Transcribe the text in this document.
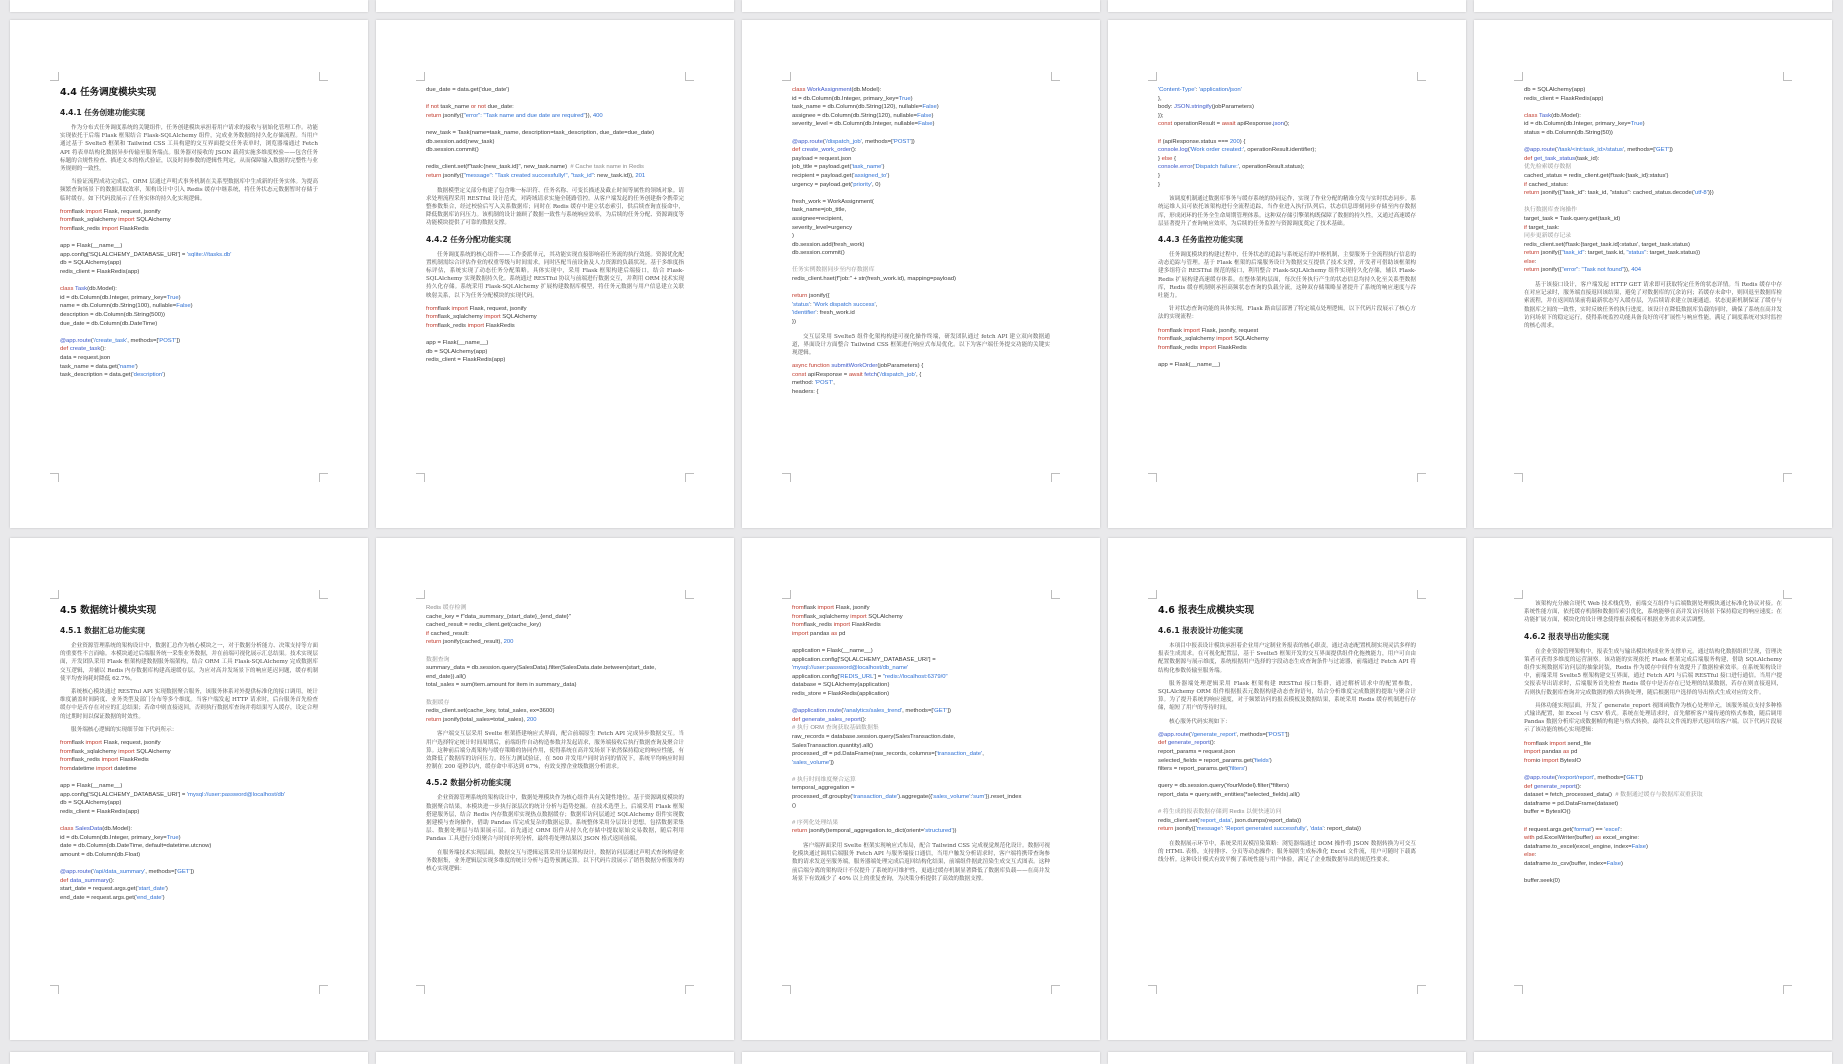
4.4 任务调度模块实现
4.4.1 任务创建功能实现
作为分布式任务调度系统的关键组件，任务创建模块承担着用户请求的接收与初始化管理工作。功能实现依托于后端 Flask 框架结合 Flask-SQLAlchemy 组件，完成业务数据的持久化存储流程。当用户通过基于 Svelte5 框架和 Tailwind CSS 工具构建的交互界面提交任务表单时，浏览器端通过 Fetch API 将表单结构化数据异步传输至服务端点。服务器对接收的 JSON 载荷实施多维度校验——包含任务标题的合规性检查、描述文本的格式验证，以及时间参数的逻辑性判定，从而保障输入数据的完整性与业务规则的一致性。
当验证流程成功完成后，ORM 层通过声明式事务机制在关系型数据库中生成新的任务实体。为提高频繁查询场景下的数据读取效率，架构设计中引入 Redis 缓存中继系统，将任务状态元数据暂时存储于临时缓存。如下代码段展示了任务实体的持久化实现逻辑。
fromflask import Flask, request, jsonify
fromflask_sqlalchemy import SQLAlchemy
fromflask_redis import FlaskRedis
app = Flask(__name__)
app.config['SQLALCHEMY_DATABASE_URI'] = 'sqlite:///tasks.db'
db = SQLAlchemy(app)
redis_client = FlaskRedis(app)
class Task(db.Model):
id = db.Column(db.Integer, primary_key=True)
name = db.Column(db.String(100), nullable=False)
description = db.Column(db.String(500))
due_date = db.Column(db.DateTime)
@app.route('/create_task', methods=['POST'])
def create_task():
data = request.json
task_name = data.get('name')
task_description = data.get('description')
due_date = data.get('due_date')
if not task_name or not due_date:
return jsonify({"error": "Task name and due date are required"}), 400
new_task = Task(name=task_name, description=task_description, due_date=due_date)
db.session.add(new_task)
db.session.commit()
redis_client.set(f"task:{new_task.id}", new_task.name)  # Cache task name in Redis
return jsonify({"message": "Task created successfully!", "task_id": new_task.id}), 201
数据模型定义部分构建了包含唯一标识符、任务名称、可变长描述及截止时间等属性的领域对象。请求处理流程采用 RESTful 设计范式，对跨域请求实施全链路管控。从客户端发起的任务创建指令携带完整参数集合，经过校验后写入关系数据库；同时在 Redis 缓存中建立状态索引，供后续查询直接命中，降低数据库访问压力。该机制的设计兼顾了数据一致性与系统响应效率，为后续的任务分配、资源调度等功能模块提供了可靠的数据支撑。
4.4.2 任务分配功能实现
任务调度系统的核心组件——工作委派单元，其功能实现直接影响着任务流的执行效能。资源优化配置机制需综合评估作业的权重等级与时间需求，同时匹配当前设备及人力资源的负载状况。基于多维度指标评估，系统实现了动态任务分配策略。具体实现中，采用 Flask 框架构建后端接口，结合 Flask-SQLAlchemy 实现数据持久化。系统通过 RESTful 协议与前端进行数据交互，并利用 ORM 技术实现持久化存储。系统采用 Flask-SQLAlchemy 扩展构建数据库模型，将任务元数据与用户信息建立关联映射关系，以下为任务分配模块的实现代码。
fromflask import Flask, request, jsonify
fromflask_sqlalchemy import SQLAlchemy
fromflask_redis import FlaskRedis
app = Flask(__name__)
db = SQLAlchemy(app)
redis_client = FlaskRedis(app)
class WorkAssignment(db.Model):
id = db.Column(db.Integer, primary_key=True)
task_name = db.Column(db.String(120), nullable=False)
assignee = db.Column(db.String(120), nullable=False)
severity_level = db.Column(db.Integer, nullable=False)
@app.route('/dispatch_job', methods=['POST'])
def create_work_order():
payload = request.json
job_title = payload.get('task_name')
recipient = payload.get('assigned_to')
urgency = payload.get('priority', 0)
fresh_work = WorkAssignment(
task_name=job_title,
assignee=recipient,
severity_level=urgency
)
db.session.add(fresh_work)
db.session.commit()
任务实例数据同步至内存数据库
redis_client.hset(f"job:" + str(fresh_work.id), mapping=payload)
return jsonify({
'status': 'Work dispatch success',
'identifier': fresh_work.id
})
交互层采用 Svelte5 组件化架构构建可视化操作终端，研发团队通过 fetch API 建立双向数据通道，界面设计方面整合 Tailwind CSS 框架进行响应式布局优化。以下为客户端任务提交功能的关键实现逻辑。
async function submitWorkOrder(jobParameters) {
const apiResponse = await fetch('/dispatch_job', {
method: 'POST',
headers: {
'Content-Type': 'application/json'
},
body: JSON.stringify(jobParameters)
});
const operationResult = await apiResponse.json();
if (apiResponse.status === 200) {
console.log('Work order created:', operationResult.identifier);
} else {
console.error('Dispatch failure:', operationResult.status);
}
}
该调度机制通过数据库事务与缓存系统的协同运作，实现了作业分配的精准分发与实时状态同步。系统运维人员可依托该架构进行全流程追踪，当作业进入执行队列后，状态信息即刻同步存储至内存数据库，形成闭环的任务全生命周期管理体系。这种双存储引擎架构既保障了数据的持久性，又通过高速缓存层显著提升了查询响应效率，为后续的任务监控与资源调度奠定了技术基础。
4.4.3 任务监控功能实现
任务调度模块的构建过程中，任务状态的追踪与系统运行的中枢机制，主要服务于全流程执行信息的动态追踪与管理。基于 Flask 框架的后端服务设计为数据交互提供了技术支撑，开发者可借助该框架构建多组符合 RESTful 规范的接口，利用整合 Flask-SQLAlchemy 组件实现持久化存储，辅以 Flask-Redis 扩展构建高速缓存体系。在整体架构层面，每次任务执行产生的状态信息均持久化至关系型数据库，Redis 缓存机制则承担高频状态查询的负载分流，这种双存储策略显著提升了系统的响应速度与吞吐能力。
针对状态查询功能的具体实现，Flask 路由层部署了特定端点处理逻辑，以下代码片段展示了核心方法的实现流程：
fromflask import Flask, jsonify, request
fromflask_sqlalchemy import SQLAlchemy
fromflask_redis import FlaskRedis
app = Flask(__name__)
db = SQLAlchemy(app)
redis_client = FlaskRedis(app)
class Task(db.Model):
id = db.Column(db.Integer, primary_key=True)
status = db.Column(db.String(50))
@app.route('/task/<int:task_id>/status', methods=['GET'])
def get_task_status(task_id):
优先检索缓存数据
cached_status = redis_client.get(f'task:{task_id}:status')
if cached_status:
return jsonify({"task_id": task_id, "status": cached_status.decode('utf-8')})
执行数据库查询操作
target_task = Task.query.get(task_id)
if target_task:
同步更新缓存记录
redis_client.set(f'task:{target_task.id}:status', target_task.status)
return jsonify({"task_id": target_task.id, "status": target_task.status})
else:
return jsonify({"error": "Task not found"}), 404
基于该接口设计，客户端发起 HTTP GET 请求即可获取特定任务的状态详情。当 Redis 缓存中存在对应记录时，服务端直接返回该结果，避免了对数据库的冗余访问；若缓存未命中，则回退至数据库检索流程，并在返回结果前将最新状态写入缓存层，为后续请求建立加速通道。状态更新机制保证了缓存与数据库之间的一致性，实时反映任务的执行进度。该设计在降低数据库负载的同时，确保了系统在高并发访问场景下的稳定运行，使得系统监控功能具备良好的可扩展性与响应性能，满足了调度系统对实时监控的核心需求。
4.5 数据统计模块实现
4.5.1 数据汇总功能实现
企业资源管理系统的架构设计中，数据汇总作为核心模块之一，对于数据分析能力、决策支持等方面的重要性不言而喻。本模块通过后端服务统一采集业务数据，并在前端可视化展示汇总结果。技术实现层面，开发团队采用 Flask 框架构建数据服务端架构，结合 ORM 工具 Flask-SQLAlchemy 完成数据库交互逻辑，并辅以 Redis 内存数据库构建高速缓存层，为应对高并发场景下的响应延迟问题，缓存机制使平均查询耗时降低 62.7%。
系统核心模块通过 RESTful API 实现数据聚合服务，该服务体系对外提供标准化的接口调用，统计维度涵盖时间跨度、业务类型及部门分布等多个维度。当客户端发起 HTTP 请求时，后台服务首先检查缓存中是否存在对应的汇总结果；若命中则直接返回，否则执行数据库查询并将结果写入缓存，设定合理的过期时间以保证数据的时效性。
服务端核心逻辑的实现细节如下代码所示：
fromflask import Flask, request, jsonify
fromflask_sqlalchemy import SQLAlchemy
fromflask_redis import FlaskRedis
fromdatetime import datetime
app = Flask(__name__)
app.config['SQLALCHEMY_DATABASE_URI'] = 'mysql://user:password@localhost/db'
db = SQLAlchemy(app)
redis_client = FlaskRedis(app)
class SalesData(db.Model):
id = db.Column(db.Integer, primary_key=True)
date = db.Column(db.DateTime, default=datetime.utcnow)
amount = db.Column(db.Float)
@app.route('/api/data_summary', methods=['GET'])
def data_summary():
start_date = request.args.get('start_date')
end_date = request.args.get('end_date')
Redis 缓存检测
cache_key = f"data_summary_{start_date}_{end_date}"
cached_result = redis_client.get(cache_key)
if cached_result:
return jsonify(cached_result), 200
数据查询
summary_data = db.session.query(SalesData).filter(SalesData.date.between(start_date,
end_date)).all()
total_sales = sum(item.amount for item in summary_data)
数据缓存
redis_client.set(cache_key, total_sales, ex=3600)
return jsonify(total_sales=total_sales), 200
客户端交互层采用 Svelte 框架搭建响应式界面，配合前端原生 Fetch API 完成异步数据交互。当用户选择特定统计时间周期后，前端组件自动构造参数并发起请求，服务端接收后执行数据查询及聚合计算。这种前后端分离架构与缓存策略的协同作用，使得系统在高并发场景下依然保持稳定的响应性能，有效降低了数据库的访问压力。经压力测试验证，在 500 并发用户同时访问的情况下，系统平均响应时间控制在 200 毫秒以内，缓存命中率达到 67%，有效支撑企业级数据分析需求。
4.5.2 数据分析功能实现
企业资源管理系统的架构设计中，数据处理模块作为核心组件具有关键性地位。基于资源调度模块的数据聚合结果，本模块进一步执行深层次的统计分析与趋势挖掘。在技术选型上，后端采用 Flask 框架搭建服务层，结合 Redis 内存数据库实现热点数据缓存；数据库访问层通过 SQLAlchemy 组件实现数据建模与查询操作，借助 Pandas 库完成复杂的数据运算。系统整体采用分层设计思想，包括数据采集层、数据处理层与结果展示层。首先通过 ORM 组件从持久化存储中提取原始交易数据，随后利用 Pandas 工具进行分组聚合与时间序列分析，最终将处理结果以 JSON 格式返回前端。
在服务端技术实现层面，数据交互与逻辑运算采用分层架构设计，数据访问层通过声明式查询构建业务数据集，业务逻辑层实现多维度的统计分析与趋势预测运算。以下代码片段展示了销售数据分析服务的核心实现逻辑：
fromflask import Flask, jsonify
fromflask_sqlalchemy import SQLAlchemy
fromflask_redis import FlaskRedis
import pandas as pd
application = Flask(__name__)
application.config['SQLALCHEMY_DATABASE_URI'] =
'mysql://user:password@localhost/db_name'
application.config['REDIS_URL'] = "redis://localhost:6379/0"
database = SQLAlchemy(application)
redis_store = FlaskRedis(application)
@application.route('/analytics/sales_trend', methods=['GET'])
def generate_sales_report():
# 执行 ORM 查询获取基础数据集
raw_records = database.session.query(SalesTransaction.date,
SalesTransaction.quantity).all()
processed_df = pd.DataFrame(raw_records, columns=['transaction_date',
'sales_volume'])
# 执行时间维度聚合运算
temporal_aggregation =
processed_df.groupby('transaction_date').aggregate({'sales_volume':'sum'}).reset_index
()
# 序列化处理结果
return jsonify(temporal_aggregation.to_dict(orient='structured'))
客户端界面采用 Svelte 框架实现响应式布局，配合 Tailwind CSS 完成视觉规范化设计。数据可视化模块通过调用后端服务 Fetch API 与服务端接口通信，当用户触发分析请求时，客户端将携带查询参数的请求发送至服务端，服务器端处理完成后返回结构化结果，前端组件据此渲染生成交互式图表。这种前后端分离的架构设计不仅提升了系统的可维护性，更通过缓存机制显著降低了数据库负载——在高并发场景下有效减少了 40% 以上的重复查询，为决策分析提供了高效的数据支撑。
4.6 报表生成模块实现
4.6.1 报表设计功能实现
本项目中报表设计模块承担着企业用户定制业务报表的核心职责，通过动态配置机制实现灵活多样的报表生成需求。在可视化配置层，基于 Svelte5 框架开发的交互界面提供组件化拖拽能力，用户可自由配置数据源与展示维度，系统根据用户选择的字段动态生成查询条件与过滤器，前端通过 Fetch API 将结构化参数传输至服务端。
服务器端处理逻辑采用 Flask 框架构建 RESTful 接口集群，通过解析请求中的配置参数，SQLAlchemy ORM 组件根据报表元数据构建动态查询语句，结合分析维度完成数据的提取与聚合计算。为了提升系统的响应速度，对于频繁访问的报表模板及数据结果，系统采用 Redis 缓存机制进行存储，缩短了用户的等待时间。
核心服务代码实现如下：
@app.route('/generate_report', methods=['POST'])
def generate_report():
report_params = request.json
selected_fields = report_params.get('fields')
filters = report_params.get('filters')
query = db.session.query(YourModel).filter(*filters)
report_data = query.with_entities(*selected_fields).all()
# 将生成的报表数据存储到 Redis 以便快速访问
redis_client.set('report_data', json.dumps(report_data))
return jsonify({'message': 'Report generated successfully', 'data': report_data})
在数据展示环节中，系统采用双模渲染策略：浏览器端通过 DOM 操作将 JSON 数据转换为可交互的 HTML 表格，支持排序、分页等动态操作；服务端则生成标准化 Excel 文件流，用户可随时下载离线分析。这种设计模式有效平衡了系统性能与用户体验，满足了企业级数据导出的规范性要求。
该架构充分融合现代 Web 技术栈优势，前端交互组件与后端数据处理模块通过标准化协议对接。在系统性能方面，依托缓存机制和数据库索引优化，系统能够在高并发访问场景下保持稳定的响应速度；在功能扩展方面，模块化的设计理念使得报表模板可根据业务需求灵活调整。
4.6.2 报表导出功能实现
在企业资源管理架构中，报表生成与输出模块构成业务支撑单元。通过结构化数据组织呈现，管理决策者可获得多维度的运营洞察。该功能的实现依托 Flask 框架完成后端服务构建，借助 SQLAlchemy 组件实现数据库访问层的抽象封装，Redis 作为缓存中间件有效提升了数据检索效率。在系统架构设计中，前端采用 Svelte5 框架构建交互界面，通过 Fetch API 与后端 RESTful 接口进行通信。当用户提交报表导出请求时，后端服务首先检查 Redis 缓存中是否存在已处理的结果数据，若存在则直接返回，否则执行数据库查询并完成数据的格式转换处理，随后根据用户选择的导出格式生成对应的文件。
具体功能实现层面，开发了 generate_report 视图函数作为核心处理单元，该服务端点支持多种格式输出配置，如 Excel 与 CSV 格式。系统在处理请求时，首先解析客户端传递的格式参数，随后调用 Pandas 数据分析库完成数据帧的构建与格式转换，最终以文件流的形式返回给客户端。以下代码片段展示了该功能的核心实现逻辑：
fromflask import send_file
import pandas as pd
fromio import BytesIO
@app.route('/export/report', methods=['GET'])
def generate_report():
dataset = fetch_processed_data()  # 数据通过缓存与数据库双重获取
dataframe = pd.DataFrame(dataset)
buffer = BytesIO()
if request.args.get('format') == 'excel':
with pd.ExcelWriter(buffer) as excel_engine:
dataframe.to_excel(excel_engine, index=False)
else:
dataframe.to_csv(buffer, index=False)
buffer.seek(0)
